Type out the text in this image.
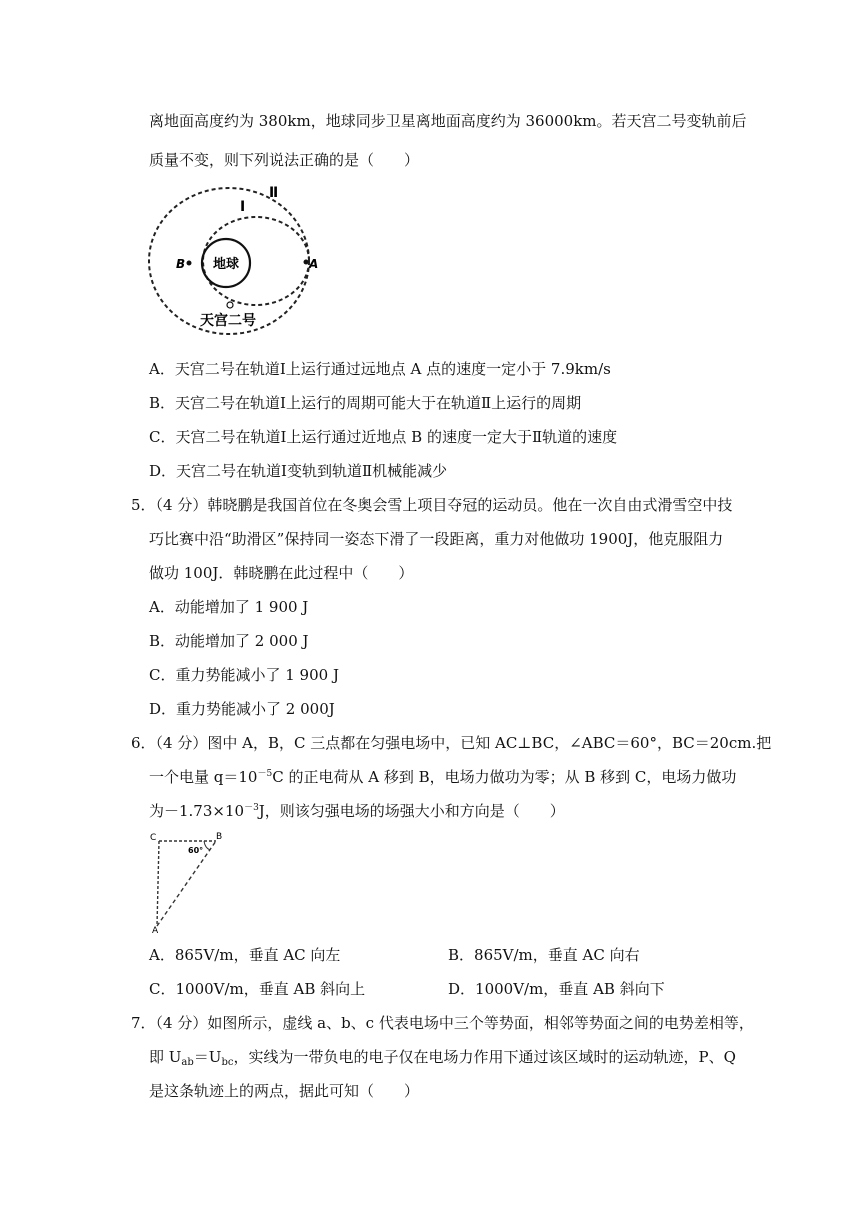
离地面高度约为 380km，地球同步卫星离地面高度约为 36000km。若天宫二号变轨前后
质量不变，则下列说法正确的是（　　）
地球
B	A
Ⅱ
Ⅰ
天宫二号
A．天宫二号在轨道Ⅰ上运行通过远地点 A 点的速度一定小于 7.9km/s
B．天宫二号在轨道Ⅰ上运行的周期可能大于在轨道Ⅱ上运行的周期
C．天宫二号在轨道Ⅰ上运行通过近地点 B 的速度一定大于Ⅱ轨道的速度
D．天宫二号在轨道Ⅰ变轨到轨道Ⅱ机械能减少
5．（4 分）韩晓鹏是我国首位在冬奥会雪上项目夺冠的运动员。他在一次自由式滑雪空中技
巧比赛中沿“助滑区”保持同一姿态下滑了一段距离，重力对他做功 1900J，他克服阻力
做功 100J．韩晓鹏在此过程中（　　）
A．动能增加了 1 900 J
B．动能增加了 2 000 J
C．重力势能减小了 1 900 J
D．重力势能减小了 2 000J
6．（4 分）图中 A，B，C 三点都在匀强电场中，已知 AC⊥BC，∠ABC＝60°，BC＝20cm.把
一个电量 $q=10^{-5}C$ 的正电荷从 A 移到 B，电场力做功为零；从 B 移到 C，电场力做功
为$-1.73\times 10^{-3}J$，则该匀强电场的场强大小和方向是（　　）
C	B
A
60°
A．865V/m，垂直 AC 向左	B．865V/m，垂直 AC 向右
C．1000V/m，垂直 AB 斜向上	D．1000V/m，垂直 AB 斜向下
7．（4 分）如图所示，虚线 a、b、c 代表电场中三个等势面，相邻等势面之间的电势差相等，
即 $U_{ab}=U_{bc}$，实线为一带负电的电子仅在电场力作用下通过该区域时的运动轨迹，P、Q
是这条轨迹上的两点，据此可知（　　）
